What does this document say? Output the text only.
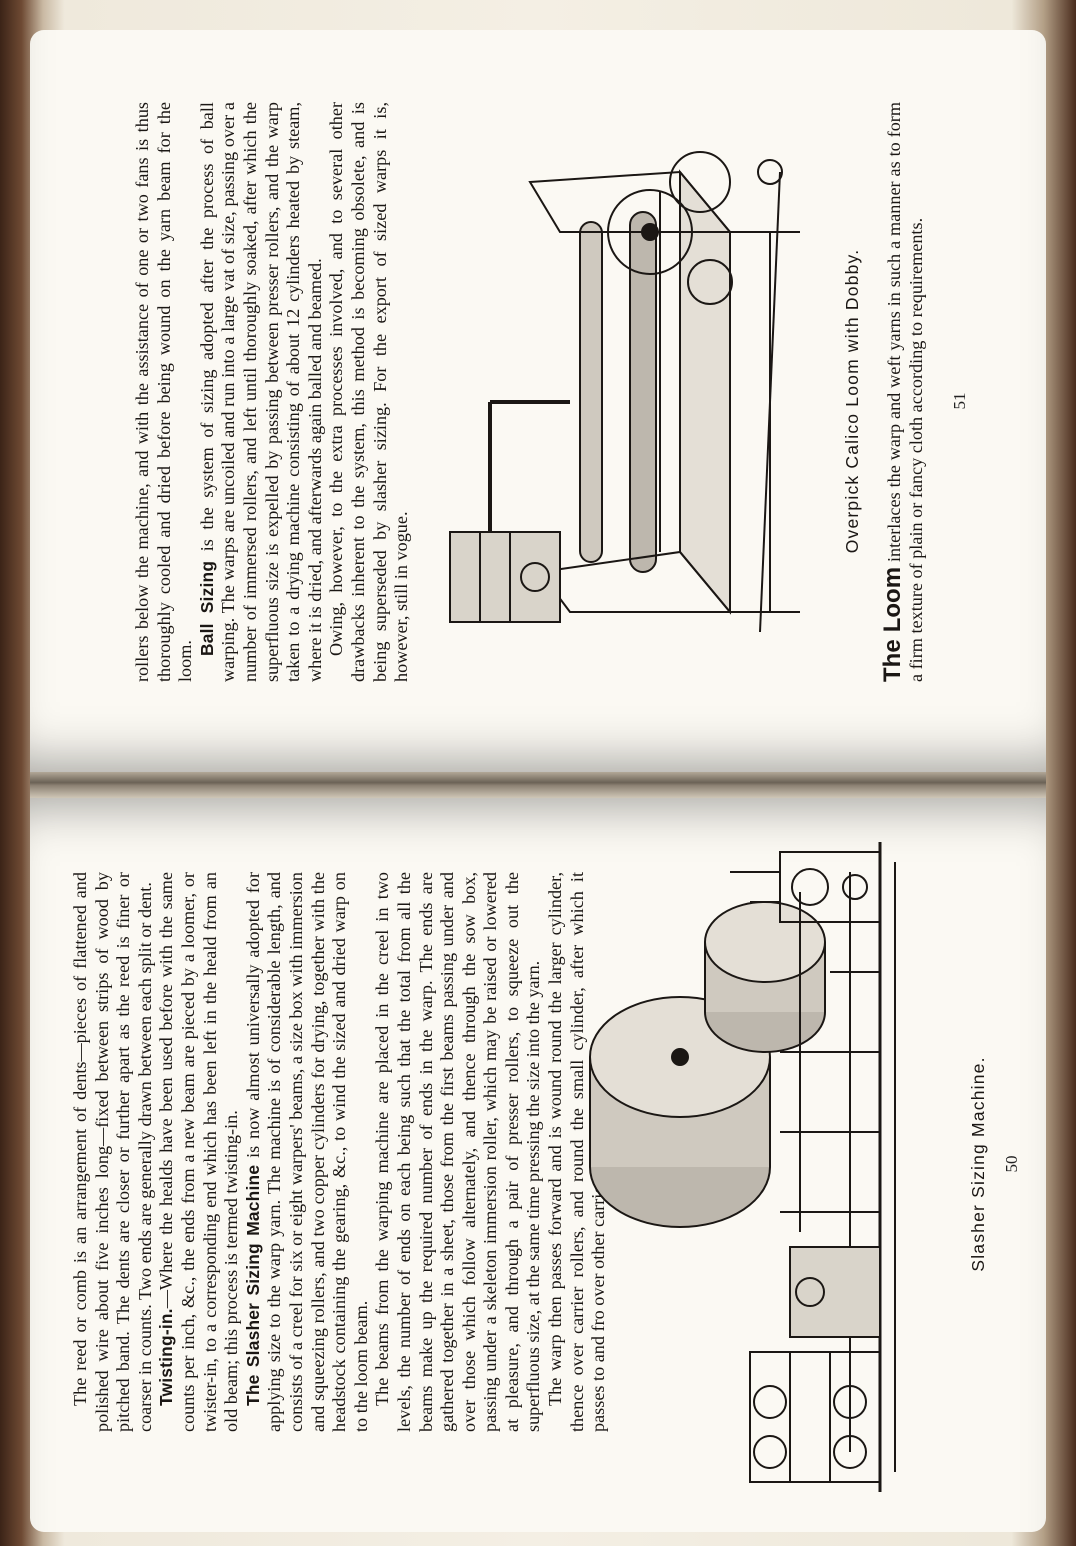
The reed or comb is an arrangement of dents—pieces of flattened and polished wire about five inches long—fixed between strips of wood by pitched band. The dents are closer or further apart as the reed is finer or coarser in counts. Two ends are generally drawn between each split or dent. Twisting-in.—Where the healds have been used before with the same counts per inch, &c., the ends from a new beam are pieced by a loomer, or twister-in, to a corresponding end which has been left in the heald from an old beam; this process is termed twisting-in. The Slasher Sizing Machine is now almost universally adopted for applying size to the warp yarn. The machine is of considerable length, and consists of a creel for six or eight warpers' beams, a size box with immersion and squeezing rollers, and two copper cylinders for drying, together with the headstock containing the gearing, &c., to wind the sized and dried warp on to the loom beam. The beams from the warping machine are placed in the creel in two levels, the number of ends on each being such that the total from all the beams make up the required number of ends in the warp. The ends are gathered together in a sheet, those from the first beams passing under and over those which follow alternately, and thence through the sow box, passing under a skeleton immersion roller, which may be raised or lowered at pleasure, and through a pair of presser rollers, to squeeze out the superfluous size, at the same time pressing the size into the yarn. The warp then passes forward and is wound round the larger cylinder, thence over carrier rollers, and round the small cylinder, after which it passes to and fro over other carrier

Slasher Sizing Machine. 50

rollers below the machine, and with the assistance of one or two fans is thus thoroughly cooled and dried before being wound on the yarn beam for the loom.

Ball Sizing is the system of sizing adopted after the process of ball warping. The warps are uncoiled and run into a large vat of size, passing over a number of immersed rollers, and left until thoroughly soaked, after which the superfluous size is expelled by passing between presser rollers, and the warp taken to a drying machine consisting of about 12 cylinders heated by steam, where it is dried, and afterwards again balled and beamed. Owing, however, to the extra processes involved, and to several other drawbacks inherent to the system, this method is becoming obsolete, and is being superseded by slasher sizing. For the export of sized warps it is, however, still in vogue.

Overpick Calico Loom with Dobby.

The Loom interlaces the warp and weft yarns in such a manner as to form a firm texture of plain or fancy cloth according to requirements. 51
